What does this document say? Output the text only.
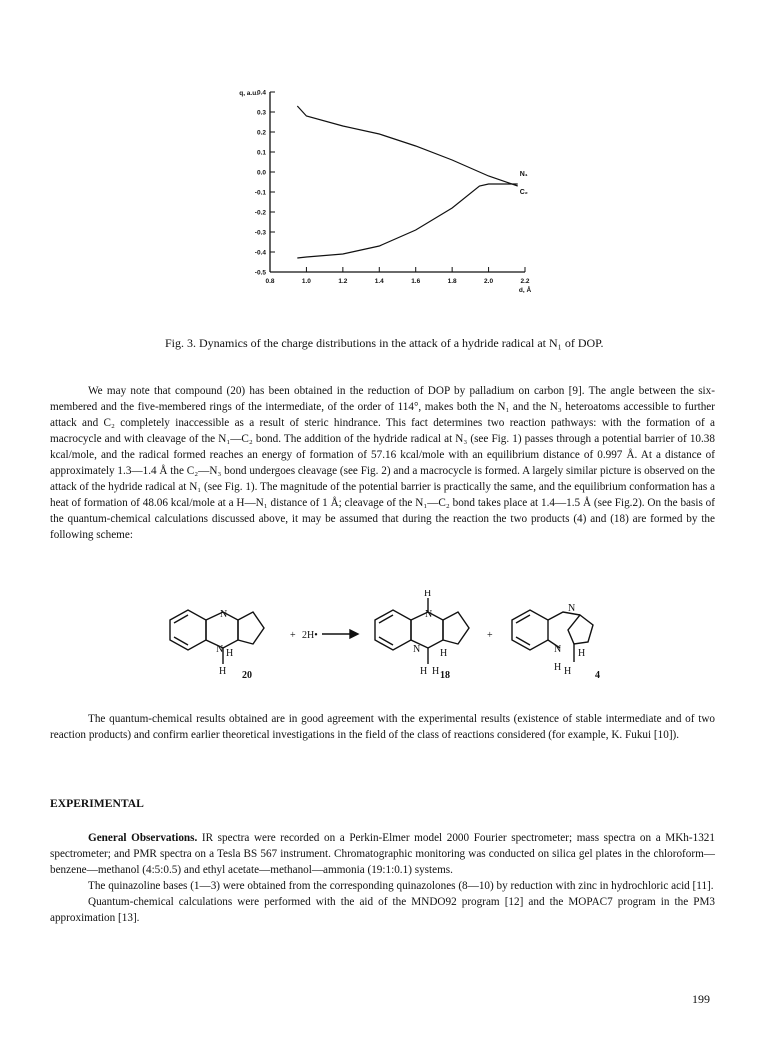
0.8	1.0	1.2	1.4	1.6	1.8	2.0	2.2
0.4
0.3
0.2
0.1
0.0
-0.1
-0.2
-0.3
-0.4
-0.5
N₁
C₂
q, a.u.
d, Å
Fig. 3. Dynamics of the charge distributions in the attack of a hydride radical at N₁ of DOP.

We may note that compound (20) has been obtained in the reduction of DOP by palladium on carbon [9]. The angle between the six-membered and the five-membered rings of the intermediate, of the order of 114°, makes both the N₁ and the N₃ heteroatoms accessible to further attack and C₂ completely inaccessible as a result of steric hindrance. This fact determines two reaction pathways: with the formation of a macrocycle and with cleavage of the N₁—C₂ bond. The addition of the hydride radical at N₃ (see Fig. 1) passes through a potential barrier of 10.38 kcal/mole, and the radical formed reaches an energy of formation of 57.16 kcal/mole with an equilibrium distance of 0.997 Å. At a distance of approximately 1.3—1.4 Å the C₂—N₃ bond undergoes cleavage (see Fig. 2) and a macrocycle is formed. A largely similar picture is observed on the attack of the hydride radical at N₁ (see Fig. 1). The magnitude of the potential barrier is practically the same, and the equilibrium conformation has a heat of formation of 48.06 kcal/mole at a H—N₁ distance of 1 Å; cleavage of the N₁—C₂ bond takes place at 1.4—1.5 Å (see Fig.2). On the basis of the quantum-chemical calculations discussed above, it may be assumed that during the reaction the two products (4) and (18) are formed by the following scheme:

N
N H
H
H
N
N
H H
H
N
N
H H
H
+ 2H•	+
20	18	4

The quantum-chemical results obtained are in good agreement with the experimental results (existence of stable intermediate and of two reaction products) and confirm earlier theoretical investigations in the field of the class of reactions considered (for example, K. Fukui [10]).

EXPERIMENTAL

General Observations. IR spectra were recorded on a Perkin-Elmer model 2000 Fourier spectrometer; mass spectra on a MKh-1321 spectrometer; and PMR spectra on a Tesla BS 567 instrument. Chromatographic monitoring was conducted on silica gel plates in the chloroform—benzene—methanol (4:5:0.5) and ethyl acetate—methanol—ammonia (19:1:0.1) systems.

The quinazoline bases (1—3) were obtained from the corresponding quinazolones (8—10) by reduction with zinc in hydrochloric acid [11].

Quantum-chemical calculations were performed with the aid of the MNDO92 program [12] and the MOPAC7 program in the PM3 approximation [13].

199
